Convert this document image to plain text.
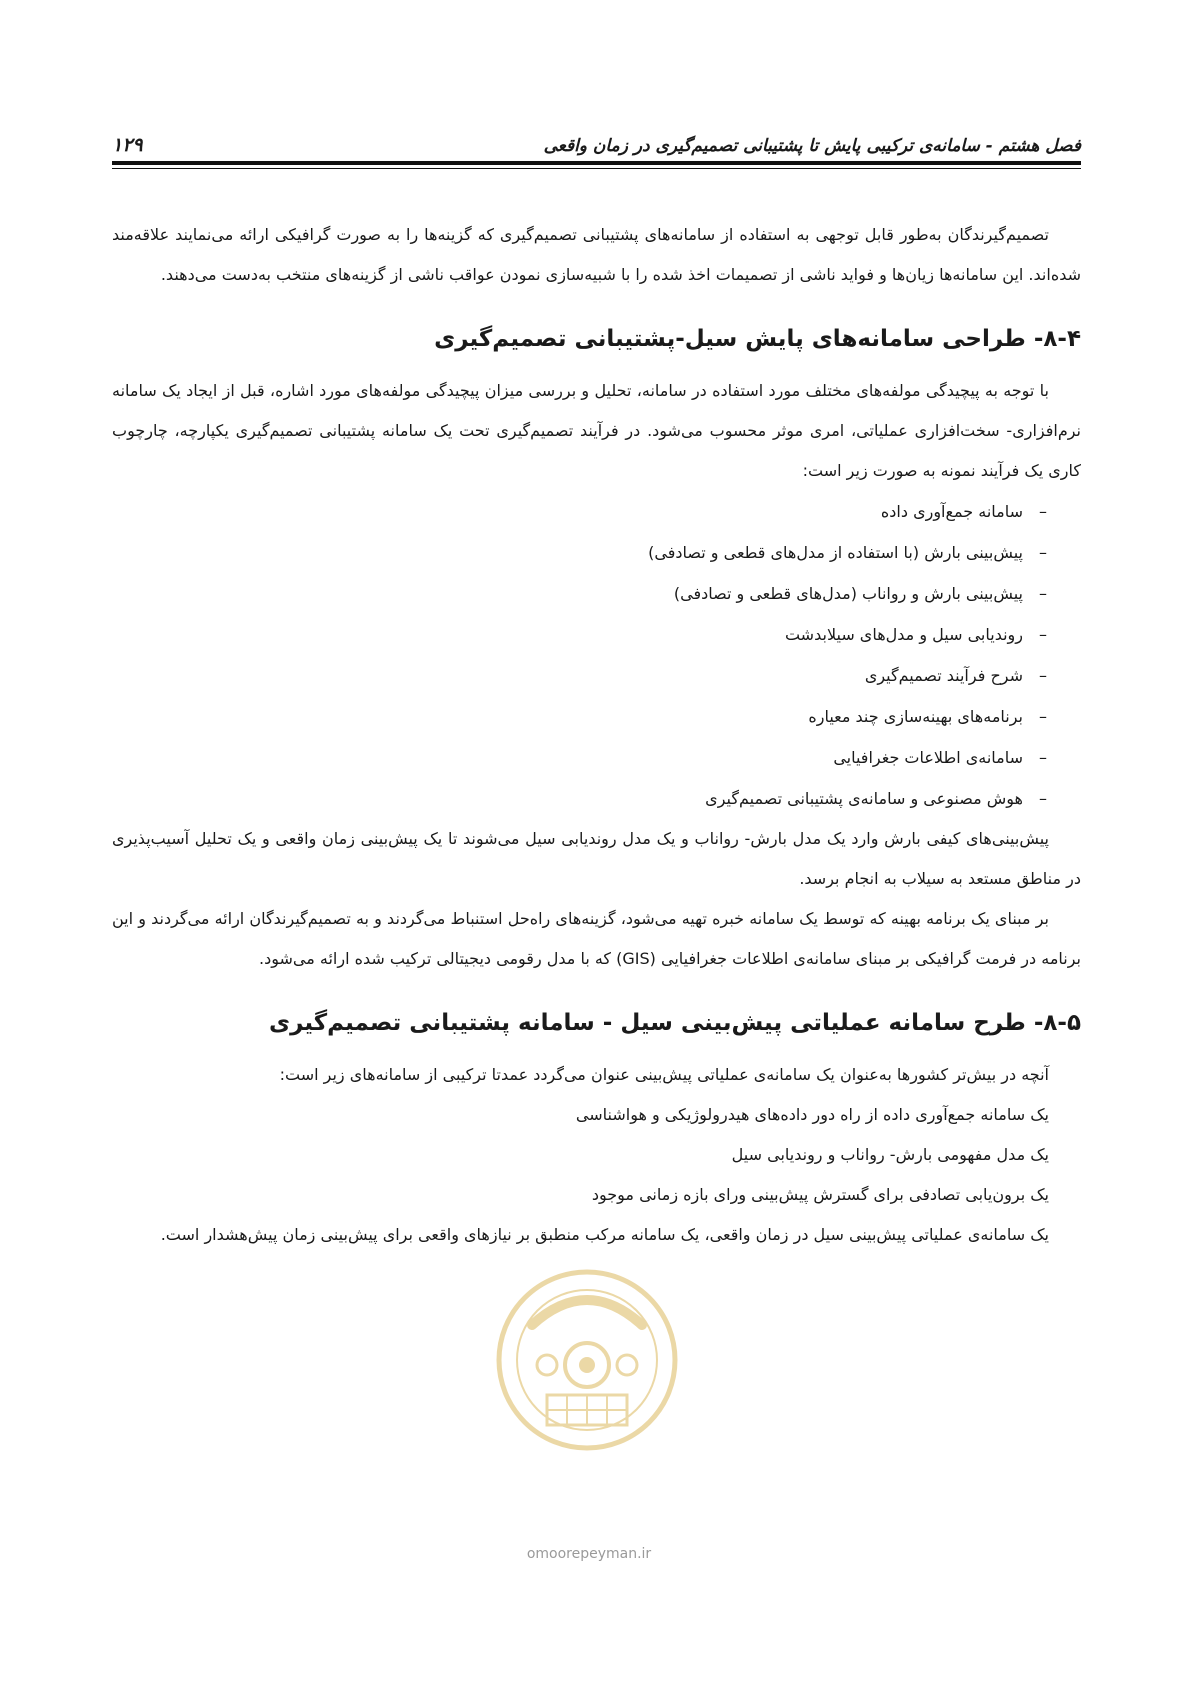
فصل هشتم - سامانه‌ی ترکیبی پایش تا پشتیبانی تصمیم‌گیری در زمان واقعی
۱۲۹

تصمیم‌گیرندگان به‌طور قابل توجهی به استفاده از سامانه‌های پشتیبانی تصمیم‌گیری که گزینه‌ها را به صورت گرافیکی ارائه می‌نمایند علاقه‌مند شده‌اند. این سامانه‌ها زیان‌ها و فواید ناشی از تصمیمات اخذ شده را با شبیه‌سازی نمودن عواقب ناشی از گزینه‌های منتخب به‌دست می‌دهند.

۸-۴- طراحی سامانه‌های پایش سیل-پشتیبانی تصمیم‌گیری

با توجه به پیچیدگی مولفه‌های مختلف مورد استفاده در سامانه، تحلیل و بررسی میزان پیچیدگی مولفه‌های مورد اشاره، قبل از ایجاد یک سامانه نرم‌افزاری- سخت‌افزاری عملیاتی، امری موثر محسوب می‌شود. در فرآیند تصمیم‌گیری تحت یک سامانه پشتیبانی تصمیم‌گیری یکپارچه، چارچوب کاری یک فرآیند نمونه به صورت زیر است:

–
سامانه جمع‌آوری داده
–
پیش‌بینی بارش (با استفاده از مدل‌های قطعی و تصادفی)
–
پیش‌بینی بارش و رواناب (مدل‌های قطعی و تصادفی)
–
روندیابی سیل و مدل‌های سیلابدشت
–
شرح فرآیند تصمیم‌گیری
–
برنامه‌های بهینه‌سازی چند معیاره
–
سامانه‌ی اطلاعات جغرافیایی
–
هوش مصنوعی و سامانه‌ی پشتیبانی تصمیم‌گیری

پیش‌بینی‌های کیفی بارش وارد یک مدل بارش- رواناب و یک مدل روندیابی سیل می‌شوند تا یک پیش‌بینی زمان واقعی و یک تحلیل آسیب‌پذیری در مناطق مستعد به سیلاب به انجام برسد.

بر مبنای یک برنامه بهینه که توسط یک سامانه خبره تهیه می‌شود، گزینه‌های راه‌حل استنباط می‌گردند و به تصمیم‌گیرندگان ارائه می‌گردند و این برنامه در فرمت گرافیکی بر مبنای سامانه‌ی اطلاعات جغرافیایی (GIS) که با مدل رقومی دیجیتالی ترکیب شده ارائه می‌شود.

۸-۵- طرح سامانه عملیاتی پیش‌بینی سیل - سامانه پشتیبانی تصمیم‌گیری
آنچه در بیش‌تر کشورها به‌عنوان یک سامانه‌ی عملیاتی پیش‌بینی عنوان می‌گردد عمدتا ترکیبی از سامانه‌های زیر است:
یک سامانه جمع‌آوری داده از راه دور داده‌های هیدرولوژیکی و هواشناسی
یک مدل مفهومی بارش- رواناب و روندیابی سیل
یک برون‌یابی تصادفی برای گسترش پیش‌بینی ورای بازه زمانی موجود

یک سامانه‌ی عملیاتی پیش‌بینی سیل در زمان واقعی، یک سامانه مرکب منطبق بر نیازهای واقعی برای پیش‌بینی زمان پیش‌هشدار است.

omoorepeyman.ir
